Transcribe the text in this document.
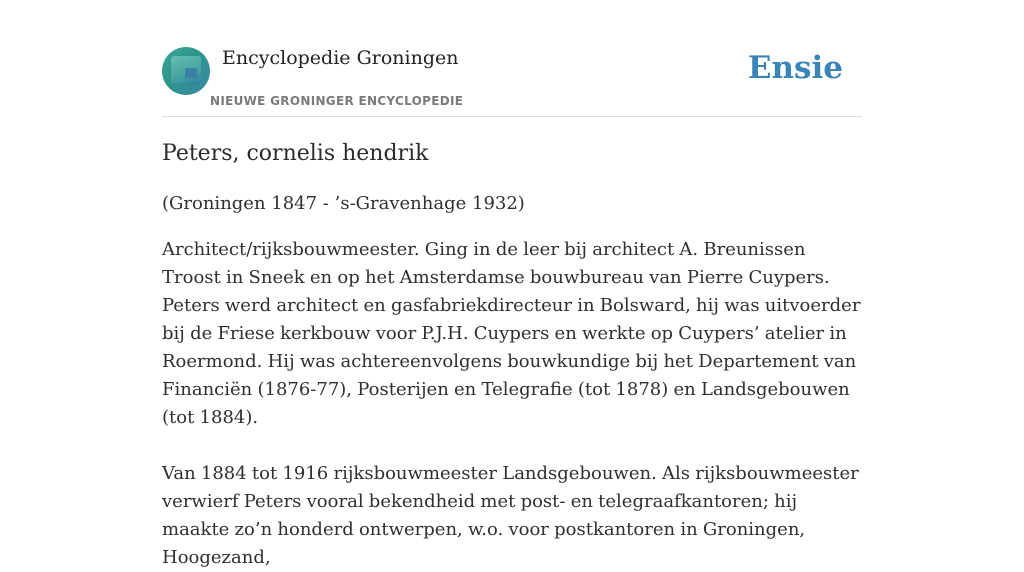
Encyclopedie Groningen
NIEUWE GRONINGER ENCYCLOPEDIE
Ensie
Peters, cornelis hendrik

(Groningen 1847 - ’s-Gravenhage 1932)

Architect/rijksbouwmeester. Ging in de leer bij architect A. Breunissen Troost in Sneek en op het Amsterdamse bouwbureau van Pierre Cuypers. Peters werd architect en gasfabriekdirecteur in Bolsward, hij was uitvoerder bij de Friese kerkbouw voor P.J.H. Cuypers en werkte op Cuypers’ atelier in Roermond. Hij was achtereenvolgens bouwkundige bij het Departement van Financiën (1876-77), Posterijen en Telegrafie (tot 1878) en Landsgebouwen (tot 1884).

Van 1884 tot 1916 rijksbouwmeester Landsgebouwen. Als rijksbouwmeester verwierf Peters vooral bekendheid met post- en telegraafkantoren; hij maakte zo’n honderd ontwerpen, w.o. voor postkantoren in Groningen, Hoogezand,
